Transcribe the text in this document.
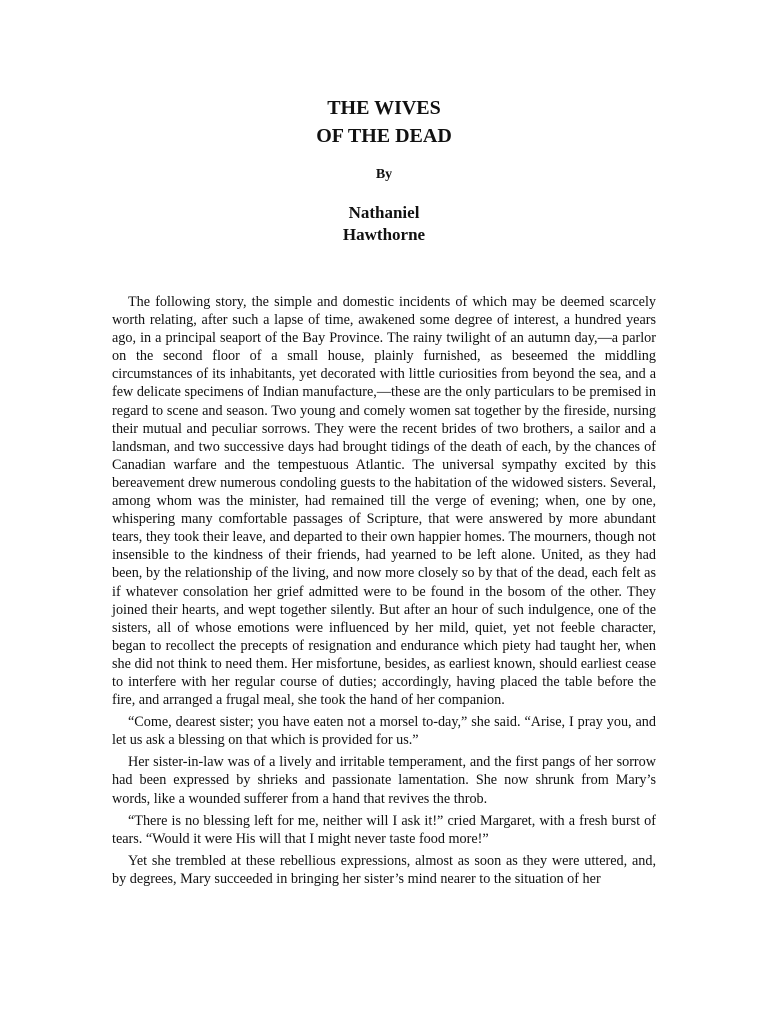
THE WIVES
OF THE DEAD
By
Nathaniel
Hawthorne

The following story, the simple and domestic incidents of which may be deemed scarcely worth relating, after such a lapse of time, awakened some degree of interest, a hundred years ago, in a principal seaport of the Bay Province. The rainy twilight of an autumn day,—a parlor on the second floor of a small house, plainly furnished, as beseemed the middling circumstances of its inhabitants, yet decorated with little curiosities from beyond the sea, and a few delicate specimens of Indian manufacture,—these are the only particulars to be premised in regard to scene and season. Two young and comely women sat together by the fireside, nursing their mutual and peculiar sorrows. They were the recent brides of two brothers, a sailor and a landsman, and two successive days had brought tidings of the death of each, by the chances of Canadian warfare and the tempestuous Atlantic. The universal sympathy excited by this bereavement drew numerous condoling guests to the habitation of the widowed sisters. Several, among whom was the minister, had remained till the verge of evening; when, one by one, whispering many comfortable passages of Scripture, that were answered by more abundant tears, they took their leave, and departed to their own happier homes. The mourners, though not insensible to the kindness of their friends, had yearned to be left alone. United, as they had been, by the relationship of the living, and now more closely so by that of the dead, each felt as if whatever consolation her grief admitted were to be found in the bosom of the other. They joined their hearts, and wept together silently. But after an hour of such indulgence, one of the sisters, all of whose emotions were influenced by her mild, quiet, yet not feeble character, began to recollect the precepts of resignation and endurance which piety had taught her, when she did not think to need them. Her misfortune, besides, as earliest known, should earliest cease to interfere with her regular course of duties; accordingly, having placed the table before the fire, and arranged a frugal meal, she took the hand of her companion.

“Come, dearest sister; you have eaten not a morsel to-day,” she said. “Arise, I pray you, and let us ask a blessing on that which is provided for us.”

Her sister-in-law was of a lively and irritable temperament, and the first pangs of her sorrow had been expressed by shrieks and passionate lamentation. She now shrunk from Mary’s words, like a wounded sufferer from a hand that revives the throb.

“There is no blessing left for me, neither will I ask it!” cried Margaret, with a fresh burst of tears. “Would it were His will that I might never taste food more!”

Yet she trembled at these rebellious expressions, almost as soon as they were uttered, and, by degrees, Mary succeeded in bringing her sister’s mind nearer to the situation of her
